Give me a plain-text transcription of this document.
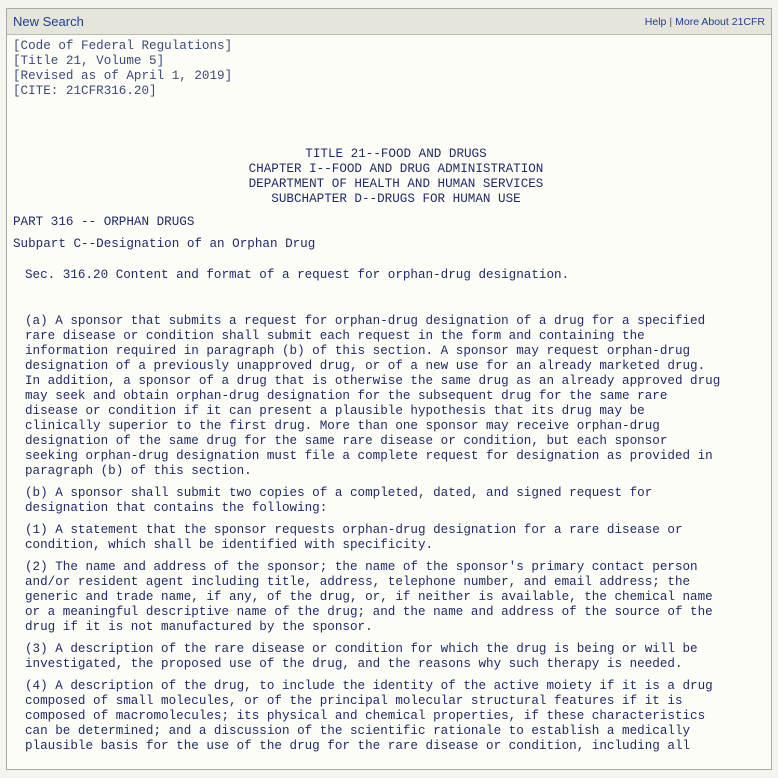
New Search	Help | More About 21CFR
[Code of Federal Regulations]
[Title 21, Volume 5]
[Revised as of April 1, 2019]
[CITE: 21CFR316.20]
TITLE 21--FOOD AND DRUGS
CHAPTER I--FOOD AND DRUG ADMINISTRATION
DEPARTMENT OF HEALTH AND HUMAN SERVICES
SUBCHAPTER D--DRUGS FOR HUMAN USE
PART 316 -- ORPHAN DRUGS
Subpart C--Designation of an Orphan Drug
Sec. 316.20 Content and format of a request for orphan-drug designation.
(a) A sponsor that submits a request for orphan-drug designation of a drug for a specified
rare disease or condition shall submit each request in the form and containing the
information required in paragraph (b) of this section. A sponsor may request orphan-drug
designation of a previously unapproved drug, or of a new use for an already marketed drug.
In addition, a sponsor of a drug that is otherwise the same drug as an already approved drug
may seek and obtain orphan-drug designation for the subsequent drug for the same rare
disease or condition if it can present a plausible hypothesis that its drug may be
clinically superior to the first drug. More than one sponsor may receive orphan-drug
designation of the same drug for the same rare disease or condition, but each sponsor
seeking orphan-drug designation must file a complete request for designation as provided in
paragraph (b) of this section.
(b) A sponsor shall submit two copies of a completed, dated, and signed request for
designation that contains the following:
(1) A statement that the sponsor requests orphan-drug designation for a rare disease or
condition, which shall be identified with specificity.
(2) The name and address of the sponsor; the name of the sponsor's primary contact person
and/or resident agent including title, address, telephone number, and email address; the
generic and trade name, if any, of the drug, or, if neither is available, the chemical name
or a meaningful descriptive name of the drug; and the name and address of the source of the
drug if it is not manufactured by the sponsor.
(3) A description of the rare disease or condition for which the drug is being or will be
investigated, the proposed use of the drug, and the reasons why such therapy is needed.
(4) A description of the drug, to include the identity of the active moiety if it is a drug
composed of small molecules, or of the principal molecular structural features if it is
composed of macromolecules; its physical and chemical properties, if these characteristics
can be determined; and a discussion of the scientific rationale to establish a medically
plausible basis for the use of the drug for the rare disease or condition, including all
